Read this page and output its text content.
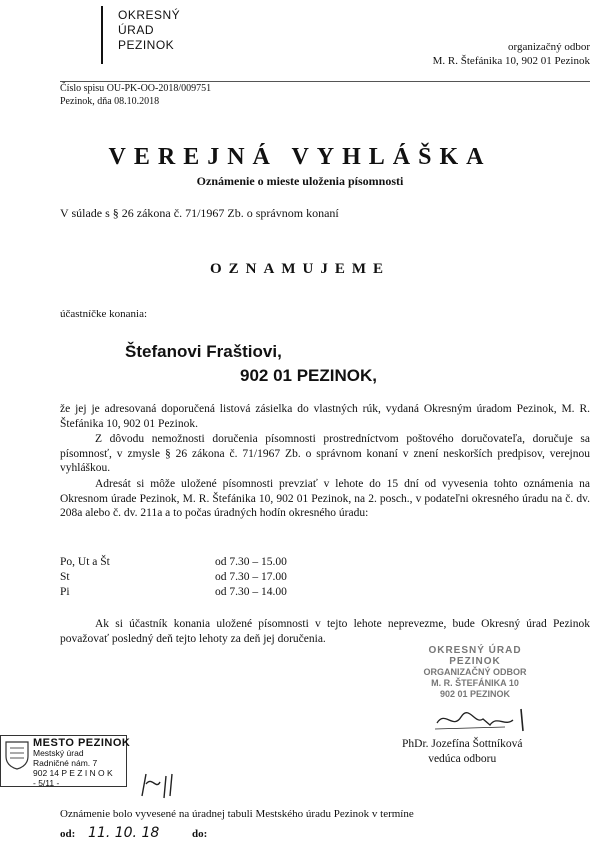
OKRESNÝ
ÚRAD
PEZINOK	organizačný odbor
M. R. Štefánika 10, 902 01 Pezinok
Číslo spisu OU-PK-OO-2018/009751
Pezinok, dňa 08.10.2018
VEREJNÁ VYHLÁŠKA
Oznámenie o mieste uloženia písomnosti
V súlade s § 26 zákona č. 71/1967 Zb. o správnom konaní
OZNAMUJEME
účastníčke konania:
Štefanovi Fraštiovi,
902 01 PEZINOK,
že jej je adresovaná doporučená listová zásielka do vlastných rúk, vydaná Okresným úradom Pezinok, M. R. Štefánika 10, 902 01 Pezinok.
Z dôvodu nemožnosti doručenia písomnosti prostredníctvom poštového doručovateľa, doručuje sa písomnosť, v zmysle § 26 zákona č. 71/1967 Zb. o správnom konaní v znení neskorších predpisov, verejnou vyhláškou.
Adresát si môže uložené písomnosti prevziať v lehote do 15 dní od vyvesenia tohto oznámenia na Okresnom úrade Pezinok, M. R. Štefánika 10, 902 01 Pezinok, na 2. posch., v podateľni okresného úradu na č. dv. 208a alebo č. dv. 211a a to počas úradných hodín okresného úradu:
Po, Ut a Št	od 7.30 – 15.00
St	od 7.30 – 17.00
Pi	od 7.30 – 14.00
Ak si účastník konania uložené písomnosti v tejto lehote neprevezme, bude Okresný úrad Pezinok považovať posledný deň tejto lehoty za deň jej doručenia.
OKRESNÝ ÚRAD PEZINOK
ORGANIZAČNÝ ODBOR
M. R. ŠTEFÁNIKA 10
902 01 PEZINOK
PhDr. Jozefína Šottníková
vedúca odboru
MESTO PEZINOK
Mestský úrad
Radničné nám. 7
902 14 P E Z I N O K
- 5/11 -
Oznámenie bolo vyvesené na úradnej tabuli Mestského úradu Pezinok v termíne
od: 11. 10. 18	do:
